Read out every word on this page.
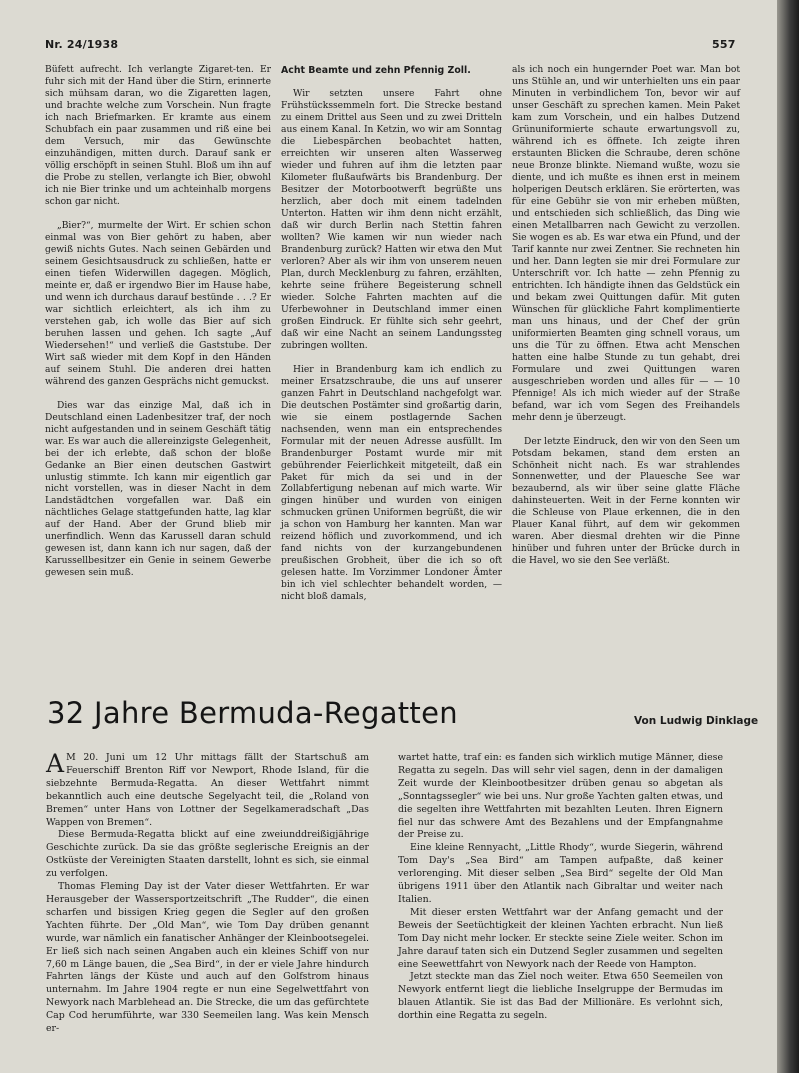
Nr. 24/1938	557

Büfett aufrecht. Ich verlangte Zigaret-ten. Er fuhr sich mit der Hand über die Stirn, erinnerte sich mühsam daran, wo die Zigaretten lagen, und brachte welche zum Vorschein. Nun fragte ich nach Briefmarken. Er kramte aus einem Schubfach ein paar zusammen und riß eine bei dem Versuch, mir das Gewünschte einzuhändigen, mitten durch. Darauf sank er völlig erschöpft in seinen Stuhl. Bloß um ihn auf die Probe zu stellen, verlangte ich Bier, obwohl ich nie Bier trinke und um achteinhalb morgens schon gar nicht.

„Bier?“, murmelte der Wirt. Er schien schon einmal was von Bier gehört zu haben, aber gewiß nichts Gutes. Nach seinen Gebärden und seinem Gesichtsausdruck zu schließen, hatte er einen tiefen Widerwillen dagegen. Möglich, meinte er, daß er irgendwo Bier im Hause habe, und wenn ich durchaus darauf bestünde . . .? Er war sichtlich erleichtert, als ich ihm zu verstehen gab, ich wolle das Bier auf sich beruhen lassen und gehen. Ich sagte „Auf Wiedersehen!“ und verließ die Gaststube. Der Wirt saß wieder mit dem Kopf in den Händen auf seinem Stuhl. Die anderen drei hatten während des ganzen Gesprächs nicht gemuckst.

Dies war das einzige Mal, daß ich in Deutschland einen Ladenbesitzer traf, der noch nicht aufgestanden und in seinem Geschäft tätig war. Es war auch die allereinzigste Gelegenheit, bei der ich erlebte, daß schon der bloße Gedanke an Bier einen deutschen Gastwirt unlustig stimmte. Ich kann mir eigentlich gar nicht vorstellen, was in dieser Nacht in dem Landstädtchen vorgefallen war. Daß ein nächtliches Gelage stattgefunden hatte, lag klar auf der Hand. Aber der Grund blieb mir unerfindlich. Wenn das Karussell daran schuld gewesen ist, dann kann ich nur sagen, daß der Karussellbesitzer ein Genie in seinem Gewerbe gewesen sein muß.

Acht Beamte und zehn Pfennig Zoll.

Wir setzten unsere Fahrt ohne Frühstückssemmeln fort. Die Strecke bestand zu einem Drittel aus Seen und zu zwei Dritteln aus einem Kanal. In Ketzin, wo wir am Sonntag die Liebespärchen beobachtet hatten, erreichten wir unseren alten Wasserweg wieder und fuhren auf ihm die letzten paar Kilometer flußaufwärts bis Brandenburg. Der Besitzer der Motorbootwerft begrüßte uns herzlich, aber doch mit einem tadelnden Unterton. Hatten wir ihm denn nicht erzählt, daß wir durch Berlin nach Stettin fahren wollten? Wie kamen wir nun wieder nach Brandenburg zurück? Hatten wir etwa den Mut verloren? Aber als wir ihm von unserem neuen Plan, durch Mecklenburg zu fahren, erzählten, kehrte seine frühere Begeisterung schnell wieder. Solche Fahrten machten auf die Uferbewohner in Deutschland immer einen großen Eindruck. Er fühlte sich sehr geehrt, daß wir eine Nacht an seinem Landungssteg zubringen wollten.

Hier in Brandenburg kam ich endlich zu meiner Ersatzschraube, die uns auf unserer ganzen Fahrt in Deutschland nachgefolgt war. Die deutschen Postämter sind großartig darin, wie sie einem postlagernde Sachen nachsenden, wenn man ein entsprechendes Formular mit der neuen Adresse ausfüllt. Im Brandenburger Postamt wurde mir mit gebührender Feierlichkeit mitgeteilt, daß ein Paket für mich da sei und in der Zollabfertigung nebenan auf mich warte. Wir gingen hinüber und wurden von einigen schmucken grünen Uniformen begrüßt, die wir ja schon von Hamburg her kannten. Man war reizend höflich und zuvorkommend, und ich fand nichts von der kurzangebundenen preußischen Grobheit, über die ich so oft gelesen hatte. Im Vorzimmer Londoner Ämter bin ich viel schlechter behandelt worden, — nicht bloß damals,

als ich noch ein hungernder Poet war. Man bot uns Stühle an, und wir unterhielten uns ein paar Minuten in verbindlichem Ton, bevor wir auf unser Geschäft zu sprechen kamen. Mein Paket kam zum Vorschein, und ein halbes Dutzend Grünuniformierte schaute erwartungsvoll zu, während ich es öffnete. Ich zeigte ihren erstaunten Blicken die Schraube, deren schöne neue Bronze blinkte. Niemand wußte, wozu sie diente, und ich mußte es ihnen erst in meinem holperigen Deutsch erklären. Sie erörterten, was für eine Gebühr sie von mir erheben müßten, und entschieden sich schließlich, das Ding wie einen Metallbarren nach Gewicht zu verzollen. Sie wogen es ab. Es war etwa ein Pfund, und der Tarif kannte nur zwei Zentner. Sie rechneten hin und her. Dann legten sie mir drei Formulare zur Unterschrift vor. Ich hatte — zehn Pfennig zu entrichten. Ich händigte ihnen das Geldstück ein und bekam zwei Quittungen dafür. Mit guten Wünschen für glückliche Fahrt komplimentierte man uns hinaus, und der Chef der grün uniformierten Beamten ging schnell voraus, um uns die Tür zu öffnen. Etwa acht Menschen hatten eine halbe Stunde zu tun gehabt, drei Formulare und zwei Quittungen waren ausgeschrieben worden und alles für — — 10 Pfennige! Als ich mich wieder auf der Straße befand, war ich vom Segen des Freihandels mehr denn je überzeugt.

Der letzte Eindruck, den wir von den Seen um Potsdam bekamen, stand dem ersten an Schönheit nicht nach. Es war strahlendes Sonnenwetter, und der Plauesche See war bezaubernd, als wir über seine glatte Fläche dahinsteuerten. Weit in der Ferne konnten wir die Schleuse von Plaue erkennen, die in den Plauer Kanal führt, auf dem wir gekommen waren. Aber diesmal drehten wir die Pinne hinüber und fuhren unter der Brücke durch in die Havel, wo sie den See verläßt.

32 Jahre Bermuda-Regatten	Von Ludwig Dinklage

A M 20. Juni um 12 Uhr mittags fällt der Startschuß am Feuerschiff Brenton Riff vor Newport, Rhode Island, für die siebzehnte Bermuda-Regatta. An dieser Wettfahrt nimmt bekanntlich auch eine deutsche Segelyacht teil, die „Roland von Bremen“ unter Hans von Lottner der Segelkameradschaft „Das Wappen von Bremen“.

Diese Bermuda-Regatta blickt auf eine zweiunddreißigjährige Geschichte zurück. Da sie das größte seglerische Ereignis an der Ostküste der Vereinigten Staaten darstellt, lohnt es sich, sie einmal zu verfolgen.

Thomas Fleming Day ist der Vater dieser Wettfahrten. Er war Herausgeber der Wassersportzeitschrift „The Rudder“, die einen scharfen und bissigen Krieg gegen die Segler auf den großen Yachten führte. Der „Old Man“, wie Tom Day drüben genannt wurde, war nämlich ein fanatischer Anhänger der Kleinbootsegelei. Er ließ sich nach seinen Angaben auch ein kleines Schiff von nur 7,60 m Länge bauen, die „Sea Bird“, in der er viele Jahre hindurch Fahrten längs der Küste und auch auf den Golfstrom hinaus unternahm. Im Jahre 1904 regte er nun eine Segelwettfahrt von Newyork nach Marblehead an. Die Strecke, die um das gefürchtete Cap Cod herumführte, war 330 Seemeilen lang. Was kein Mensch er-

wartet hatte, traf ein: es fanden sich wirklich mutige Männer, diese Regatta zu segeln. Das will sehr viel sagen, denn in der damaligen Zeit wurde der Kleinbootbesitzer drüben genau so abgetan als „Sonntagssegler“ wie bei uns. Nur große Yachten galten etwas, und die segelten ihre Wettfahrten mit bezahlten Leuten. Ihren Eignern fiel nur das schwere Amt des Bezahlens und der Empfangnahme der Preise zu.

Eine kleine Rennyacht, „Little Rhody“, wurde Siegerin, während Tom Day's „Sea Bird“ am Tampen aufpaßte, daß keiner verlorenging. Mit dieser selben „Sea Bird“ segelte der Old Man übrigens 1911 über den Atlantik nach Gibraltar und weiter nach Italien.

Mit dieser ersten Wettfahrt war der Anfang gemacht und der Beweis der Seetüchtigkeit der kleinen Yachten erbracht. Nun ließ Tom Day nicht mehr locker. Er steckte seine Ziele weiter. Schon im Jahre darauf taten sich ein Dutzend Segler zusammen und segelten eine Seewettfahrt von Newyork nach der Reede von Hampton.

Jetzt steckte man das Ziel noch weiter. Etwa 650 Seemeilen von Newyork entfernt liegt die liebliche Inselgruppe der Bermudas im blauen Atlantik. Sie ist das Bad der Millionäre. Es verlohnt sich, dorthin eine Regatta zu segeln.
